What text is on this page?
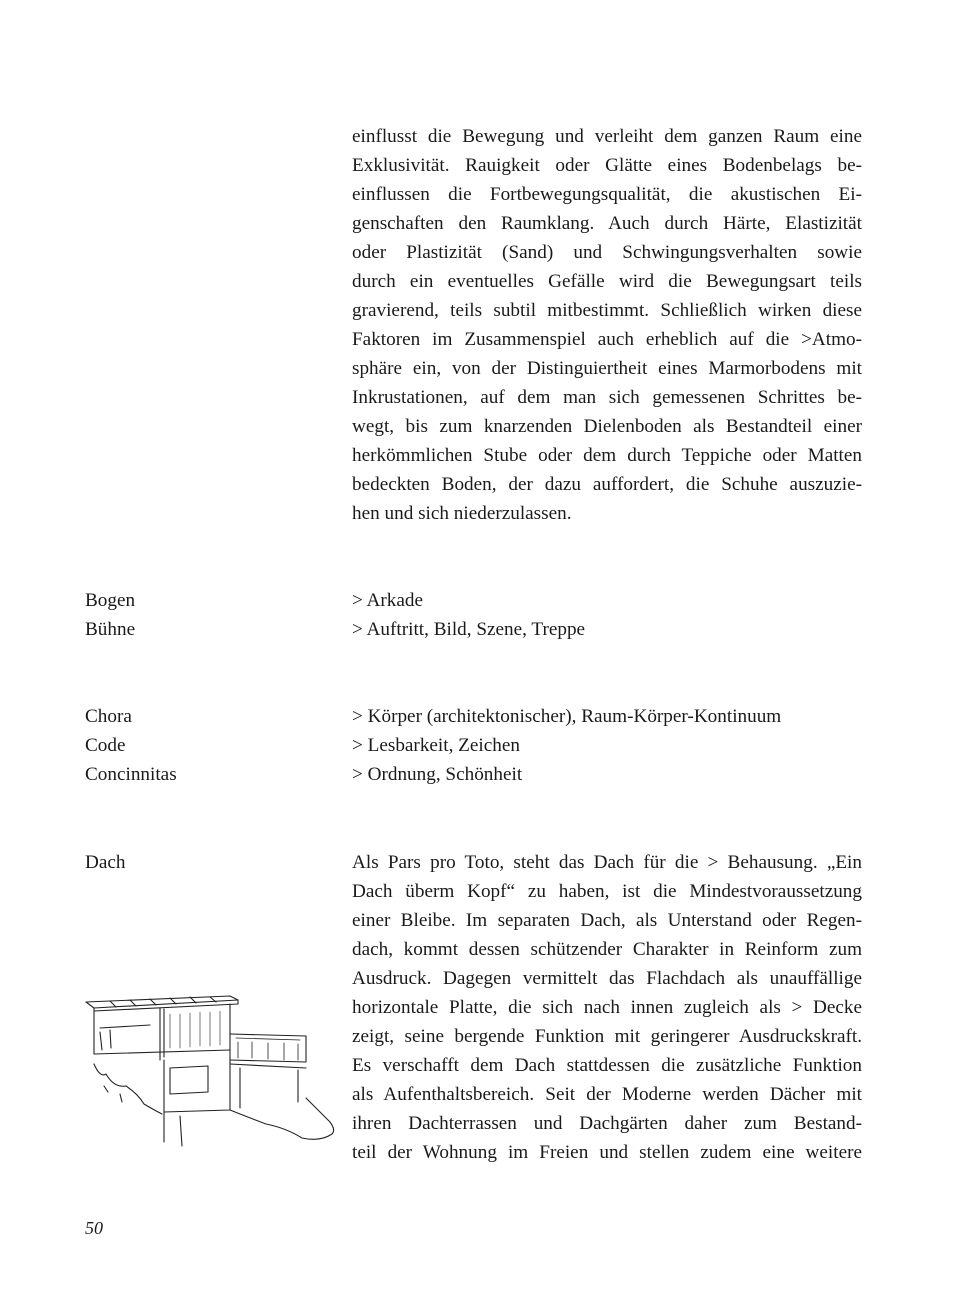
einflusst die Bewegung und verleiht dem ganzen Raum eine
Exklusivität. Rauigkeit oder Glätte eines Bodenbelags be-
einflussen die Fortbewegungsqualität, die akustischen Ei-
genschaften den Raumklang. Auch durch Härte, Elastizität
oder Plastizität (Sand) und Schwingungsverhalten sowie
durch ein eventuelles Gefälle wird die Bewegungsart teils
gravierend, teils subtil mitbestimmt. Schließlich wirken diese
Faktoren im Zusammenspiel auch erheblich auf die >Atmo-
sphäre ein, von der Distinguiertheit eines Marmorbodens mit
Inkrustationen, auf dem man sich gemessenen Schrittes be-
wegt, bis zum knarzenden Dielenboden als Bestandteil einer
herkömmlichen Stube oder dem durch Teppiche oder Matten
bedeckten Boden, der dazu auffordert, die Schuhe auszuzie-
hen und sich niederzulassen.
Bogen	> Arkade
Bühne	> Auftritt, Bild, Szene, Treppe
Chora	> Körper (architektonischer), Raum-Körper-Kontinuum
Code	> Lesbarkeit, Zeichen
Concinnitas	> Ordnung, Schönheit
Dach	Als Pars pro Toto, steht das Dach für die > Behausung. „Ein
Dach überm Kopf“ zu haben, ist die Mindestvoraussetzung
einer Bleibe. Im separaten Dach, als Unterstand oder Regen-
dach, kommt dessen schützender Charakter in Reinform zum
Ausdruck. Dagegen vermittelt das Flachdach als unauffällige
horizontale Platte, die sich nach innen zugleich als > Decke
zeigt, seine bergende Funktion mit geringerer Ausdruckskraft.
Es verschafft dem Dach stattdessen die zusätzliche Funktion
als Aufenthaltsbereich. Seit der Moderne werden Dächer mit
ihren Dachterrassen und Dachgärten daher zum Bestand-
teil der Wohnung im Freien und stellen zudem eine weitere
50
